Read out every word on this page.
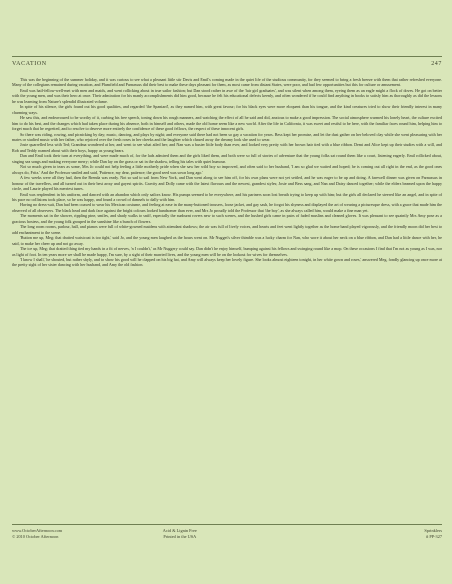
VACATION	247

This was the beginning of the summer holiday, and it was curious to see what a pleasant little stir Davis and Emil's coming made in the quiet life of the studious community, for they seemed to bring a fresh breeze with them that rather refreshed everyone. Many of the collegians remained during vacation, and Plumfield and Parnassus did their best to make these days pleasant for them, as most came from distant States, were poor, and had few opportunities but this for culture or amusement.

Emil was hail-fellow-well-met with men and maids, and went rollicking about in true sailor fashion; but Dan stood rather in awe of the 'fair girl graduates', and was silent when among them, eyeing them as an eagle might a flock of doves. He got on better with the young men, and was their hero at once. Their admiration for his manly accomplishments did him good, because he felt his educational defects keenly, and often wondered if he could find anything in books to satisfy him as thoroughly as did the lessons he was learning from Nature's splendid illustrated volume.

In spite of his silence, the girls found out his good qualities, and regarded 'the Spaniard', as they named him, with great favour; for his black eyes were more eloquent than his tongue, and the kind creatures tried to show their friendly interest in many charming ways.

He saw this, and endeavoured to be worthy of it, curbing his free speech, toning down his rough manners, and watching the effect of all he said and did, anxious to make a good impression. The social atmosphere warmed his lonely heart, the culture excited him to do his best, and the changes which had taken place during his absence, both in himself and others, made the old home seem like a new world. After the life in California, it was sweet and restful to be here, with the familiar faces round him, helping him to forget much that he regretted, and to resolve to deserve more entirely the confidence of these good fellows, the respect of these innocent girls.

So there was riding, rowing, and picnicking by day; music, dancing, and plays by night; and everyone said there had not been so gay a vacation for years. Bess kept her promise, and let the dust gather on her beloved clay while she went pleasuring with her mates or studied music with her father, who rejoiced over the fresh roses in her cheeks and the laughter which chased away the dreamy look she used to wear.

Josie quarrelled less with Ted; Grandma wondered at her, and went to see what ailed her; and Nan was a busier little body than ever, and looked very pretty with her brown hair tied with a blue ribbon. Demi and Alice kept up their studies with a will, and Rob and Teddy roamed about with their boys, happy as young bears.

Dan and Emil took their turn at everything, and were made much of, for the lads admired them and the girls liked them, and both were so full of stories of adventure that the young folks sat round them like a court, listening eagerly. Emil rollicked about, singing sea songs and making everyone merry; while Dan lay on the grass or sat in the shadow, telling his tales with quiet humour.

Not so much given to tears as some, Mrs Jo could not help feeling a little motherly pride when she saw her wild boy so improved, and often said to her husband, 'I am so glad we waited and hoped; he is coming out all right in the end, as the good ones always do, Fritz.' And the Professor smiled and said, 'Patience, my dear, patience; the good seed was sown long ago.'

A few weeks were all they had, then the Brenda was ready. Not so sad to sail from New York, and Dan went along to see him off, for his own plans were not yet settled, and he was eager to be up and doing. A farewell dinner was given on Parnassus in honour of the travellers, and all turned out in their best array and gayest spirits. Gravity and Dolly came with the latest flavours and the newest, grandest styles; Josie and Bess sang, and Nan and Daisy danced together; while the elders beamed upon the happy circle, and Laurie played his merriest tunes.

Emil was resplendent in his uniform, and danced with an abandon which only sailors know. His pumps seemed to be everywhere, and his partners soon lost breath trying to keep up with him; but the girls all declared he steered like an angel, and in spite of his pace no collisions took place, so he was happy, and found a crowd of damsels to dally with him.

Having no dress-suit, Dan had been coaxed to wear his Mexican costume, and feeling at ease in the many-buttoned trousers, loose jacket, and gay sash, he forgot his shyness and displayed the art of wearing a picturesque dress, with a grace that made him the observed of all observers. The black head and dark face against the bright colours looked handsomer than ever, and Mrs Jo proudly told the Professor that 'the boy', as she always called him, would make a fine man yet.

The moments sat in the shower, rippling pine, smiles, and shady walks to sniff, especially the sunburnt rovers new to such scenes, and the hushed girls came in pairs of faded muslins and cleaned gloves. It was pleasant to see quaintly Mrs Amy pose as a gracious hostess, and the young folk grouped in the sunshine like a bunch of flowers.

The long room rooms, parlour, hall, and pianos were full of white-gowned maidens with attendant shadows; the air was full of lively voices, and hearts and feet went lightly together as the home band played vigorously, and the friendly moon did her best to add enchantment to the scene.

'Button me up, Meg; that dratted waistcoat is too tight,' said Jo, and the young men laughed as the hours went on. Mr Nugget's silver thimble was a lucky charm for Nan, who wore it about her neck on a blue ribbon, and Dan had a little dance with her, he said, to make her cheer up and not go away.

The ice up, Meg; that dratted thing tied my hands in a fit of nerves, 'n I couldn't,' as Mr Nuggery could say. Dan didn't he enjoy himself, bumping against his fellows and swinging round like a mop. On these occasions I find that I'm not as young as I was, nor as light of foot. In ten years more we shall be made happy, I'm sure, by a sight of their married lives, and the young men will be on the lookout for wives for themselves.

'I know I shall,' he shouted, but rather shyly, and to show his good will he clapped on his big hat, and Amy will always keep her lovely figure. She looks almost eighteen tonight, in her white gown and roses,' answered Meg, fondly glancing up once more at the pretty sight of her sister dancing with her husband, and Amy the old fashion.

www.OctoberAfternoon.com
© 2010 October Afternoon
Acid & Lignin Free
Printed in the USA
Sprinklers
# PP-327
